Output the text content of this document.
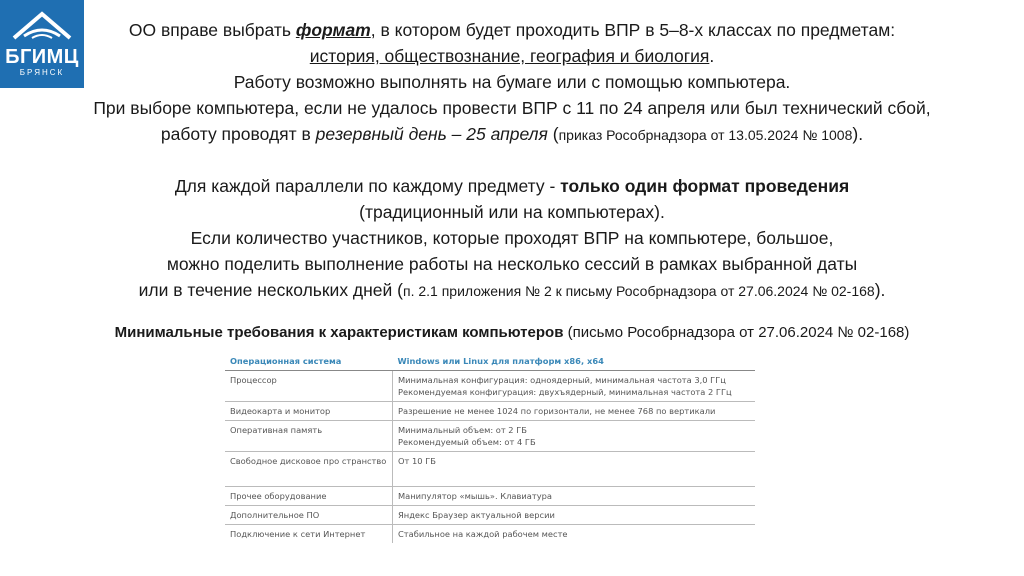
БГИМЦ
БРЯНСК
ОО вправе выбрать формат, в котором будет проходить ВПР в 5–8-х классах по предметам:
история, обществознание, география и биология.
Работу возможно выполнять на бумаге или с помощью компьютера.
При выборе компьютера, если не удалось провести ВПР с 11 по 24 апреля или был технический сбой,
работу проводят в резервный день – 25 апреля (приказ Рособрнадзора от 13.05.2024 № 1008).
Для каждой параллели по каждому предмету - только один формат проведения
(традиционный или на компьютерах).
Если количество участников, которые проходят ВПР на компьютере, большое,
можно поделить выполнение работы на несколько сессий в рамках выбранной даты
или в течение нескольких дней (п. 2.1 приложения № 2 к письму Рособрнадзора от 27.06.2024 № 02-168).
Минимальные требования к характеристикам компьютеров (письмо Рособрнадзора от 27.06.2024 № 02-168)
Операционная система	Windows или Linux для платформ x86, x64
Процессор	Минимальная конфигурация: одноядерный, минимальная частота 3,0 ГГц
Рекомендуемая конфигурация: двухъядерный, минимальная частота 2 ГГц

Видеокарта и монитор	Разрешение не менее 1024 по горизонтали, не менее 768 по вертикали
Оперативная память	Минимальный объем: от 2 ГБ
Рекомендуемый объем: от 4 ГБ

Свободное дисковое про странство	От 10 ГБ
Прочее оборудование	Манипулятор «мышь». Клавиатура
Дополнительное ПО	Яндекс Браузер актуальной версии
Подключение к сети Интернет	Стабильное на каждой рабочем месте
